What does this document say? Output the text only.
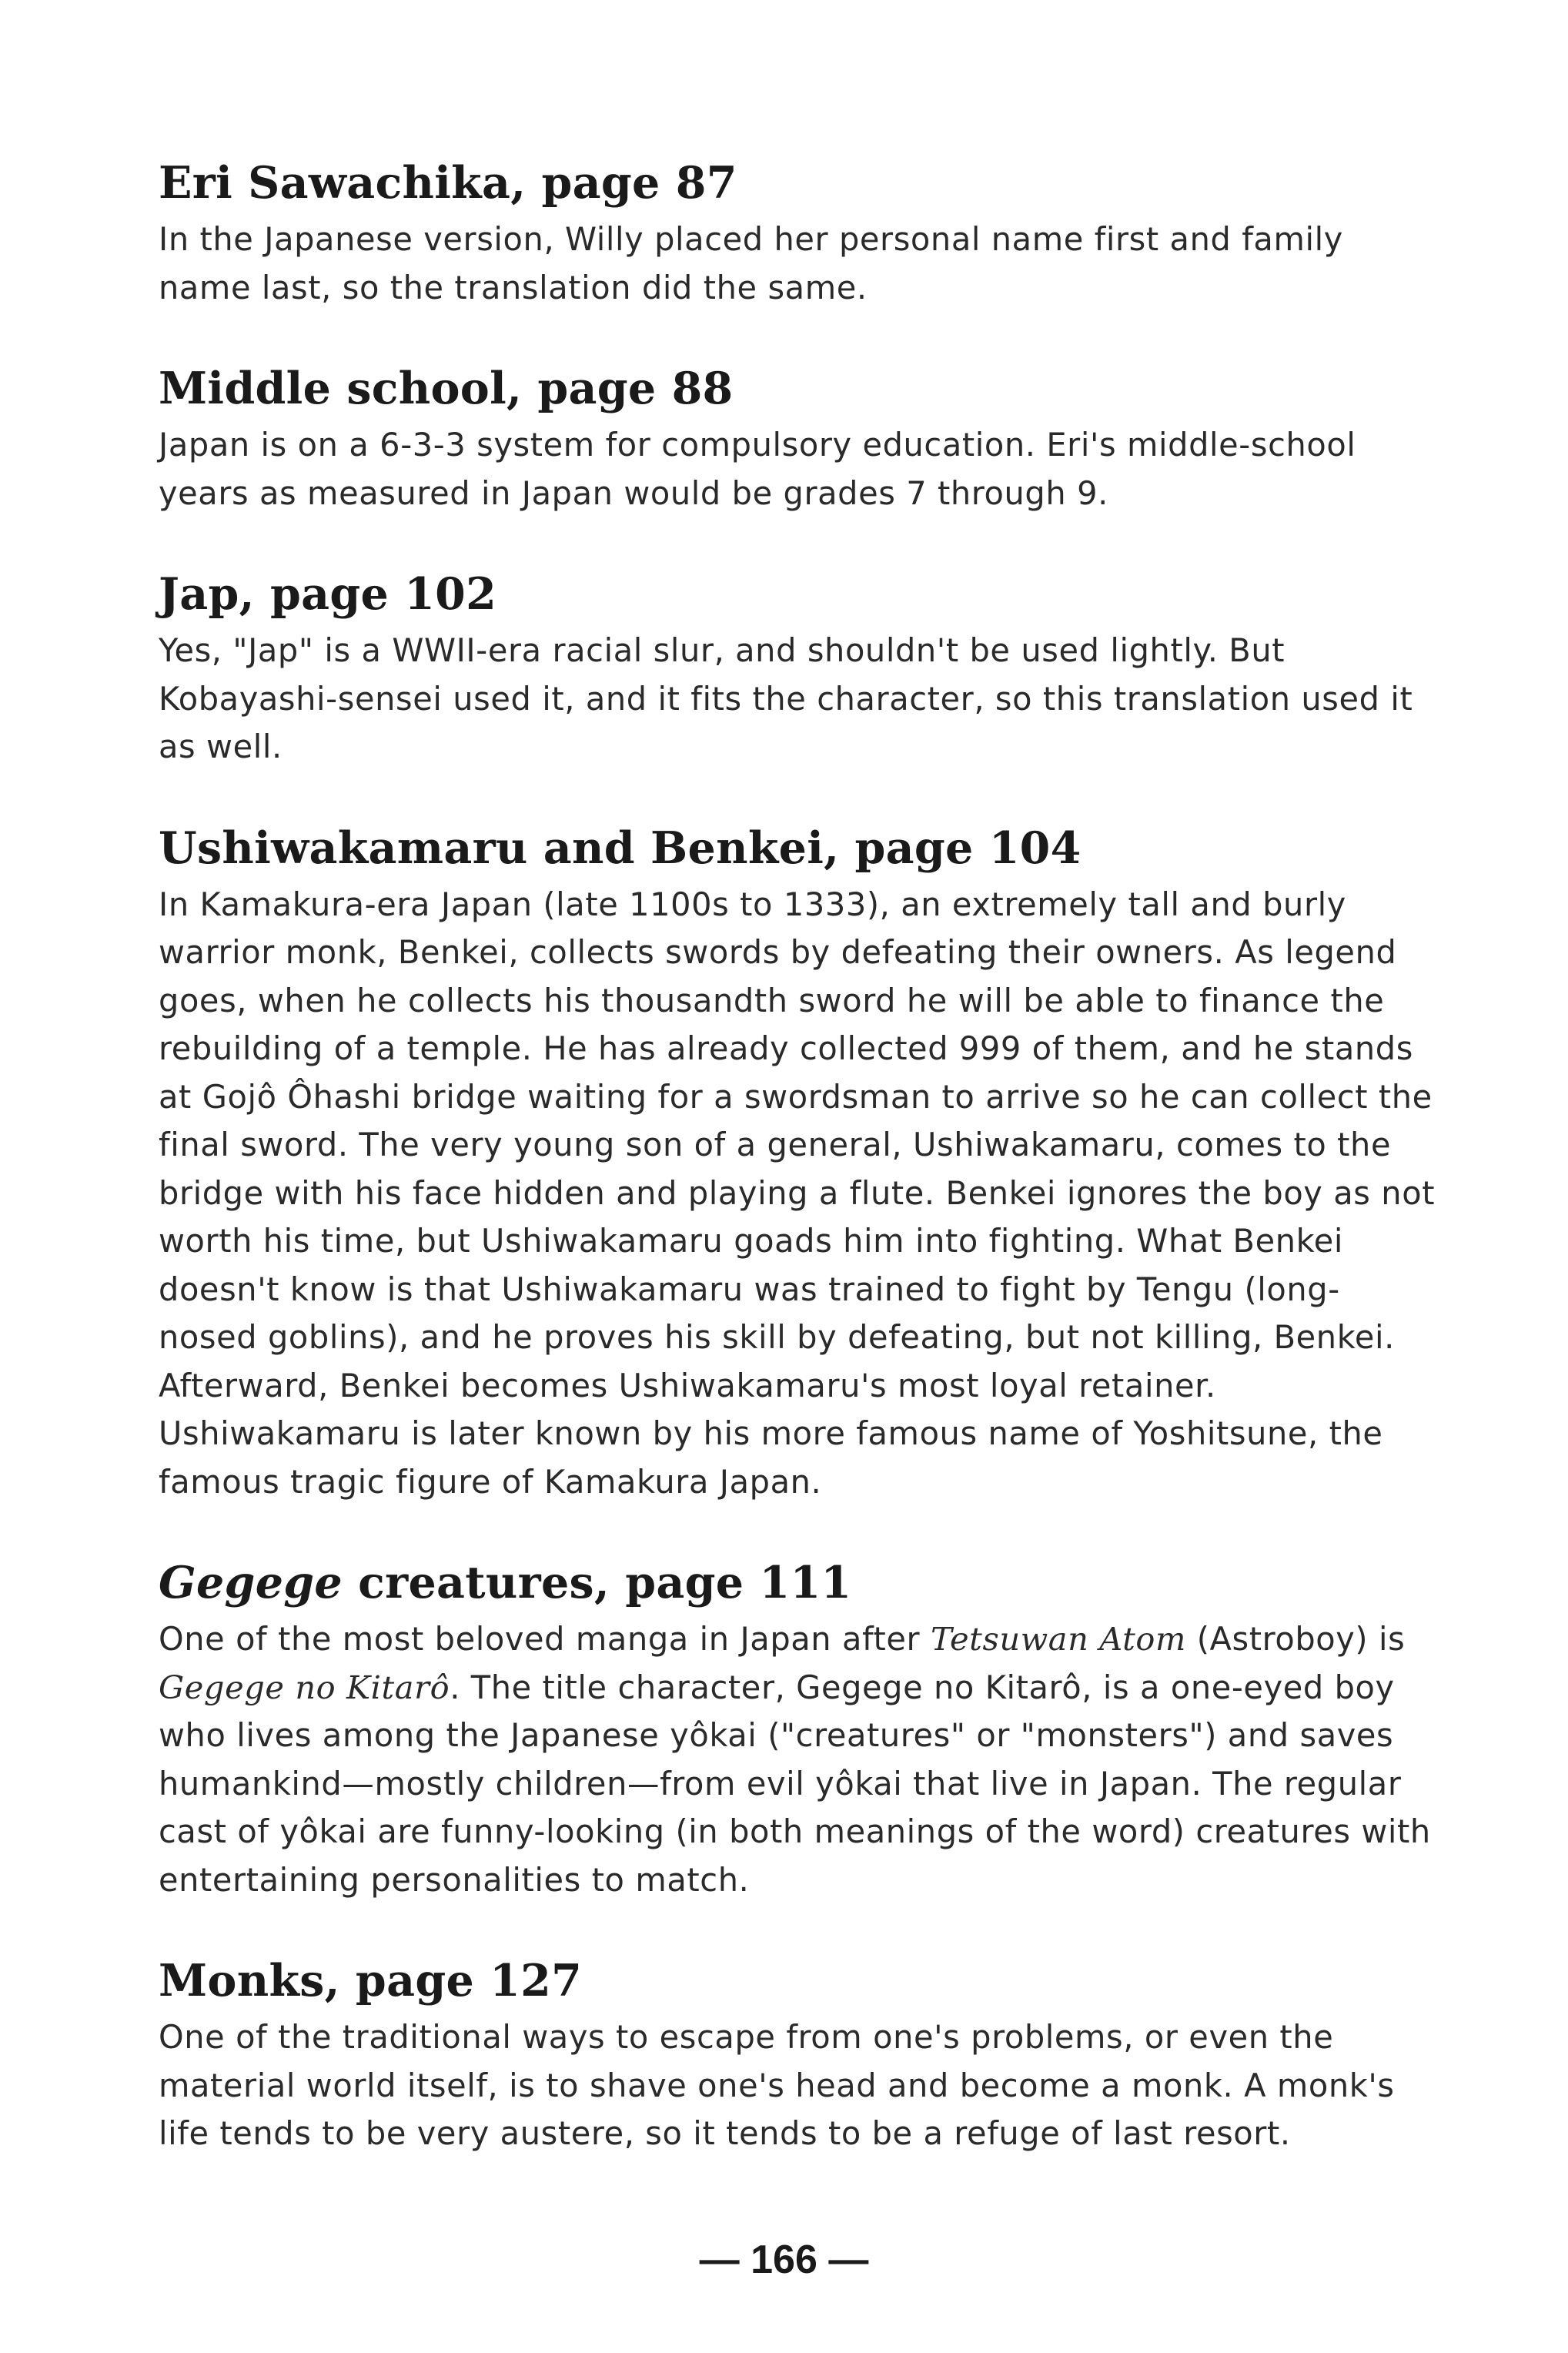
Eri Sawachika, page 87

In the Japanese version, Willy placed her personal name first and family name last, so the translation did the same.

Middle school, page 88

Japan is on a 6-3-3 system for compulsory education. Eri's middle-school years as measured in Japan would be grades 7 through 9.

Jap, page 102

Yes, "Jap" is a WWII-era racial slur, and shouldn't be used lightly. But Kobayashi-sensei used it, and it fits the character, so this translation used it as well.

Ushiwakamaru and Benkei, page 104

In Kamakura-era Japan (late 1100s to 1333), an extremely tall and burly warrior monk, Benkei, collects swords by defeating their owners. As legend goes, when he collects his thousandth sword he will be able to finance the rebuilding of a temple. He has already collected 999 of them, and he stands at Gojô Ôhashi bridge waiting for a swordsman to arrive so he can collect the final sword. The very young son of a general, Ushiwakamaru, comes to the bridge with his face hidden and playing a flute. Benkei ignores the boy as not worth his time, but Ushiwakamaru goads him into fighting. What Benkei doesn't know is that Ushiwakamaru was trained to fight by Tengu (long-nosed goblins), and he proves his skill by defeating, but not killing, Benkei. Afterward, Benkei becomes Ushiwakamaru's most loyal retainer. Ushiwakamaru is later known by his more famous name of Yoshitsune, the famous tragic figure of Kamakura Japan.

Gegege creatures, page 111

One of the most beloved manga in Japan after Tetsuwan Atom (Astroboy) is Gegege no Kitarô. The title character, Gegege no Kitarô, is a one-eyed boy who lives among the Japanese yôkai ("creatures" or "monsters") and saves humankind—mostly children—from evil yôkai that live in Japan. The regular cast of yôkai are funny-looking (in both meanings of the word) creatures with entertaining personalities to match.

Monks, page 127

One of the traditional ways to escape from one's problems, or even the material world itself, is to shave one's head and become a monk. A monk's life tends to be very austere, so it tends to be a refuge of last resort.

— 166 —
